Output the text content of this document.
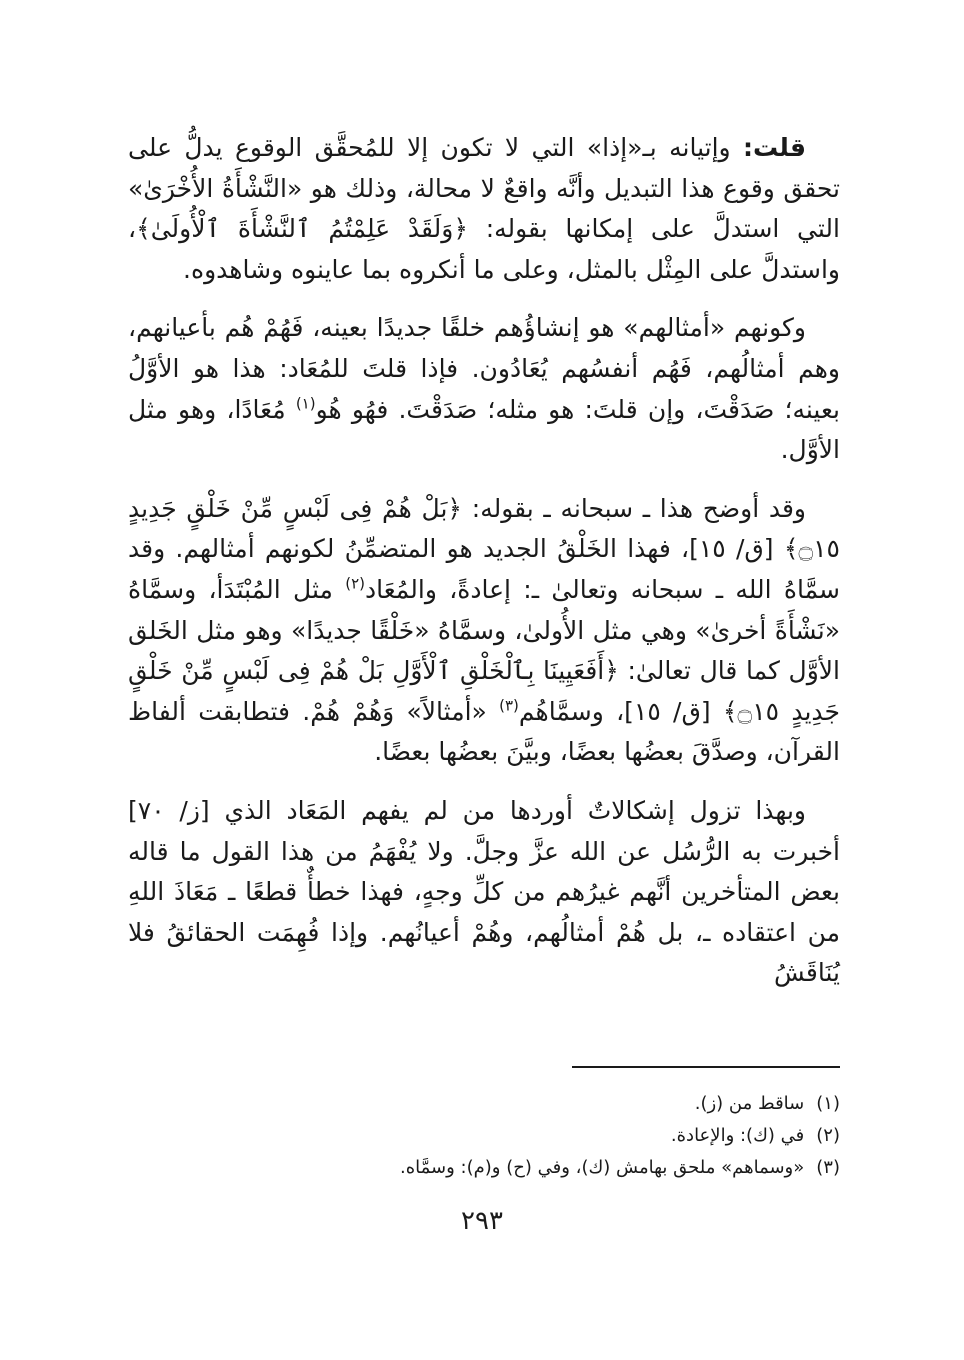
قلت: وإتيانه بـ«إذا» التي لا تكون إلا للمُحقَّق الوقوع يدلُّ على تحقق وقوع هذا التبديل وأنَّه واقعٌ لا محالة، وذلك هو «النَّشْأَةُ الأُخْرَىٰ» التي استدلَّ على إمكانها بقوله: ﴿وَلَقَدْ عَلِمْتُمُ ٱلنَّشْأَةَ ٱلْأُولَىٰ﴾، واستدلَّ على المِثْل بالمثل، وعلى ما أنكروه بما عاينوه وشاهدوه.

وكونهم «أمثالهم» هو إنشاؤُهم خلقًا جديدًا بعينه، فَهُمْ هُم بأعيانهم، وهم أمثالُهم، فَهُم أنفسُهم يُعَادُون. فإذا قلتَ للمُعَاد: هذا هو الأوَّلُ بعينه؛ صَدَقْتَ، وإن قلتَ: هو مثله؛ صَدَقْتَ. فهُو هُو$^{(١)}$ مُعَادًا، وهو مثل الأوَّل.

وقد أوضح هذا ـ سبحانه ـ بقوله: ﴿بَلْ هُمْ فِى لَبْسٍ مِّنْ خَلْقٍ جَدِيدٍ ۝١٥﴾ [ق/ ١٥]، فهذا الخَلْقُ الجديد هو المتضمِّنُ لكونهم أمثالهم. وقد سمَّاهُ الله ـ سبحانه وتعالىٰ ـ: إعادةً، والمُعَاد$^{(٢)}$ مثل المُبْتَدَأ، وسمَّاهُ «نَشْأَةً أخرىٰ» وهي مثل الأُولىٰ، وسمَّاهُ «خَلْقًا جديدًا» وهو مثل الخَلق الأوَّل كما قال تعالىٰ: ﴿أَفَعَيِينَا بِٱلْخَلْقِ ٱلْأَوَّلِ بَلْ هُمْ فِى لَبْسٍ مِّنْ خَلْقٍ جَدِيدٍ ۝١٥﴾ [ق/ ١٥]، وسمَّاهُم$^{(٣)}$ «أمثالاً» وَهُمْ هُمْ. فتطابقت ألفاظ القرآن، وصدَّقَ بعضُها بعضًا، وبيَّنَ بعضُها بعضًا.

وبهذا تزول إشكالاتٌ أوردها من لم يفهم المَعَاد الذي [ز/ ٧٠] أخبرت به الرُّسُل عن الله عزَّ وجلَّ. ولا يُفْهَمُ من هذا القول ما قاله بعض المتأخرين أنَّهم غيرُهم من كلِّ وجهٍ، فهذا خطأٌ قطعًا ـ مَعَاذَ اللهِ من اعتقاده ـ، بل هُمْ أمثالُهم، وهُمْ أعيانُهم. وإذا فُهِمَت الحقائقُ فلا يُنَاقَشُ

(١)ساقط من (ز).

(٢)في (ك): والإعادة.

(٣)«وسماهم» ملحق بهامش (ك)، وفي (ح) و(م): وسمَّاه.

٢٩٣
